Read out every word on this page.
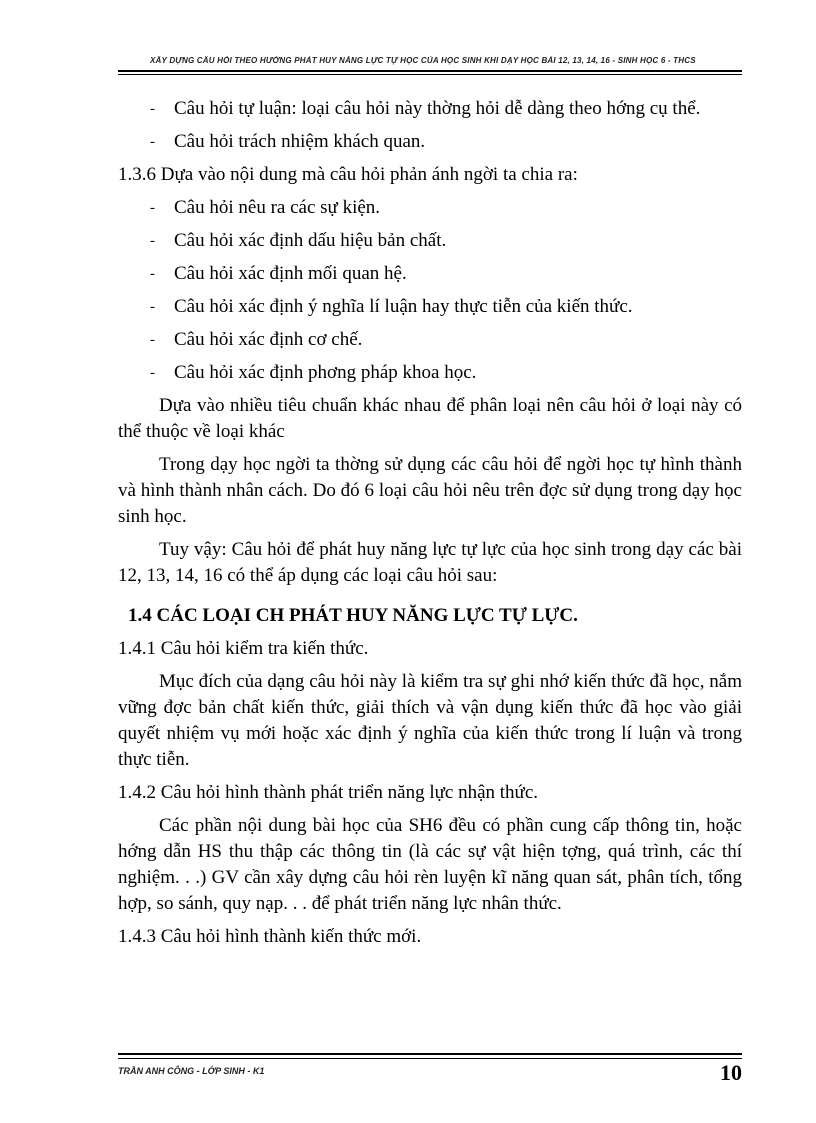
XÂY DỰNG CÂU HỎI THEO HƯỚNG PHÁT HUY NĂNG LỰC TỰ HỌC CỦA HỌC SINH KHI DẠY HỌC BÀI 12, 13, 14, 16 - SINH HỌC 6 - THCS
- Câu hỏi tự luận: loại câu hỏi này thờng hỏi dễ dàng theo hớng cụ thể.
- Câu hỏi trách nhiệm khách quan.
1.3.6 Dựa vào nội dung mà câu hỏi phản ánh ngời ta chia ra:
- Câu hỏi nêu ra các sự kiện.
- Câu hỏi xác định dấu hiệu bản chất.
- Câu hỏi xác định mối quan hệ.
- Câu hỏi xác định ý nghĩa lí luận hay thực tiễn của kiến thức.
- Câu hỏi xác định cơ chế.
- Câu hỏi xác định phơng pháp khoa học.
Dựa vào nhiều tiêu chuẩn khác nhau để phân loại nên câu hỏi ở loại này có thể thuộc về loại khác
Trong dạy học ngời ta thờng sử dụng các câu hỏi để ngời học tự hình thành và hình thành nhân cách. Do đó 6 loại câu hỏi nêu trên đợc sử dụng trong dạy học sinh học.
Tuy vậy: Câu hỏi để phát huy năng lực tự lực của học sinh trong dạy các bài 12, 13, 14, 16 có thể áp dụng các loại câu hỏi sau:
1.4 CÁC LOẠI CH PHÁT HUY NĂNG LỰC TỰ LỰC.
1.4.1 Câu hỏi kiểm tra kiến thức.
Mục đích của dạng câu hỏi này là kiểm tra sự ghi nhớ kiến thức đã học, nắm vững đợc bản chất kiến thức, giải thích và vận dụng kiến thức đã học vào giải quyết nhiệm vụ mới hoặc xác định ý nghĩa của kiến thức trong lí luận và trong thực tiễn.
1.4.2 Câu hỏi hình thành phát triển năng lực nhận thức.
Các phần nội dung bài học của SH6 đều có phần cung cấp thông tin, hoặc hớng dẫn HS thu thập các thông tin (là các sự vật hiện tợng, quá trình, các thí nghiệm. . .) GV cần xây dựng câu hỏi rèn luyện kĩ năng quan sát, phân tích, tổng hợp, so sánh, quy nạp. . . để phát triển năng lực nhân thức.
1.4.3 Câu hỏi hình thành kiến thức mới.
TRẦN ANH CÔNG - LỚP SINH - K1	10
